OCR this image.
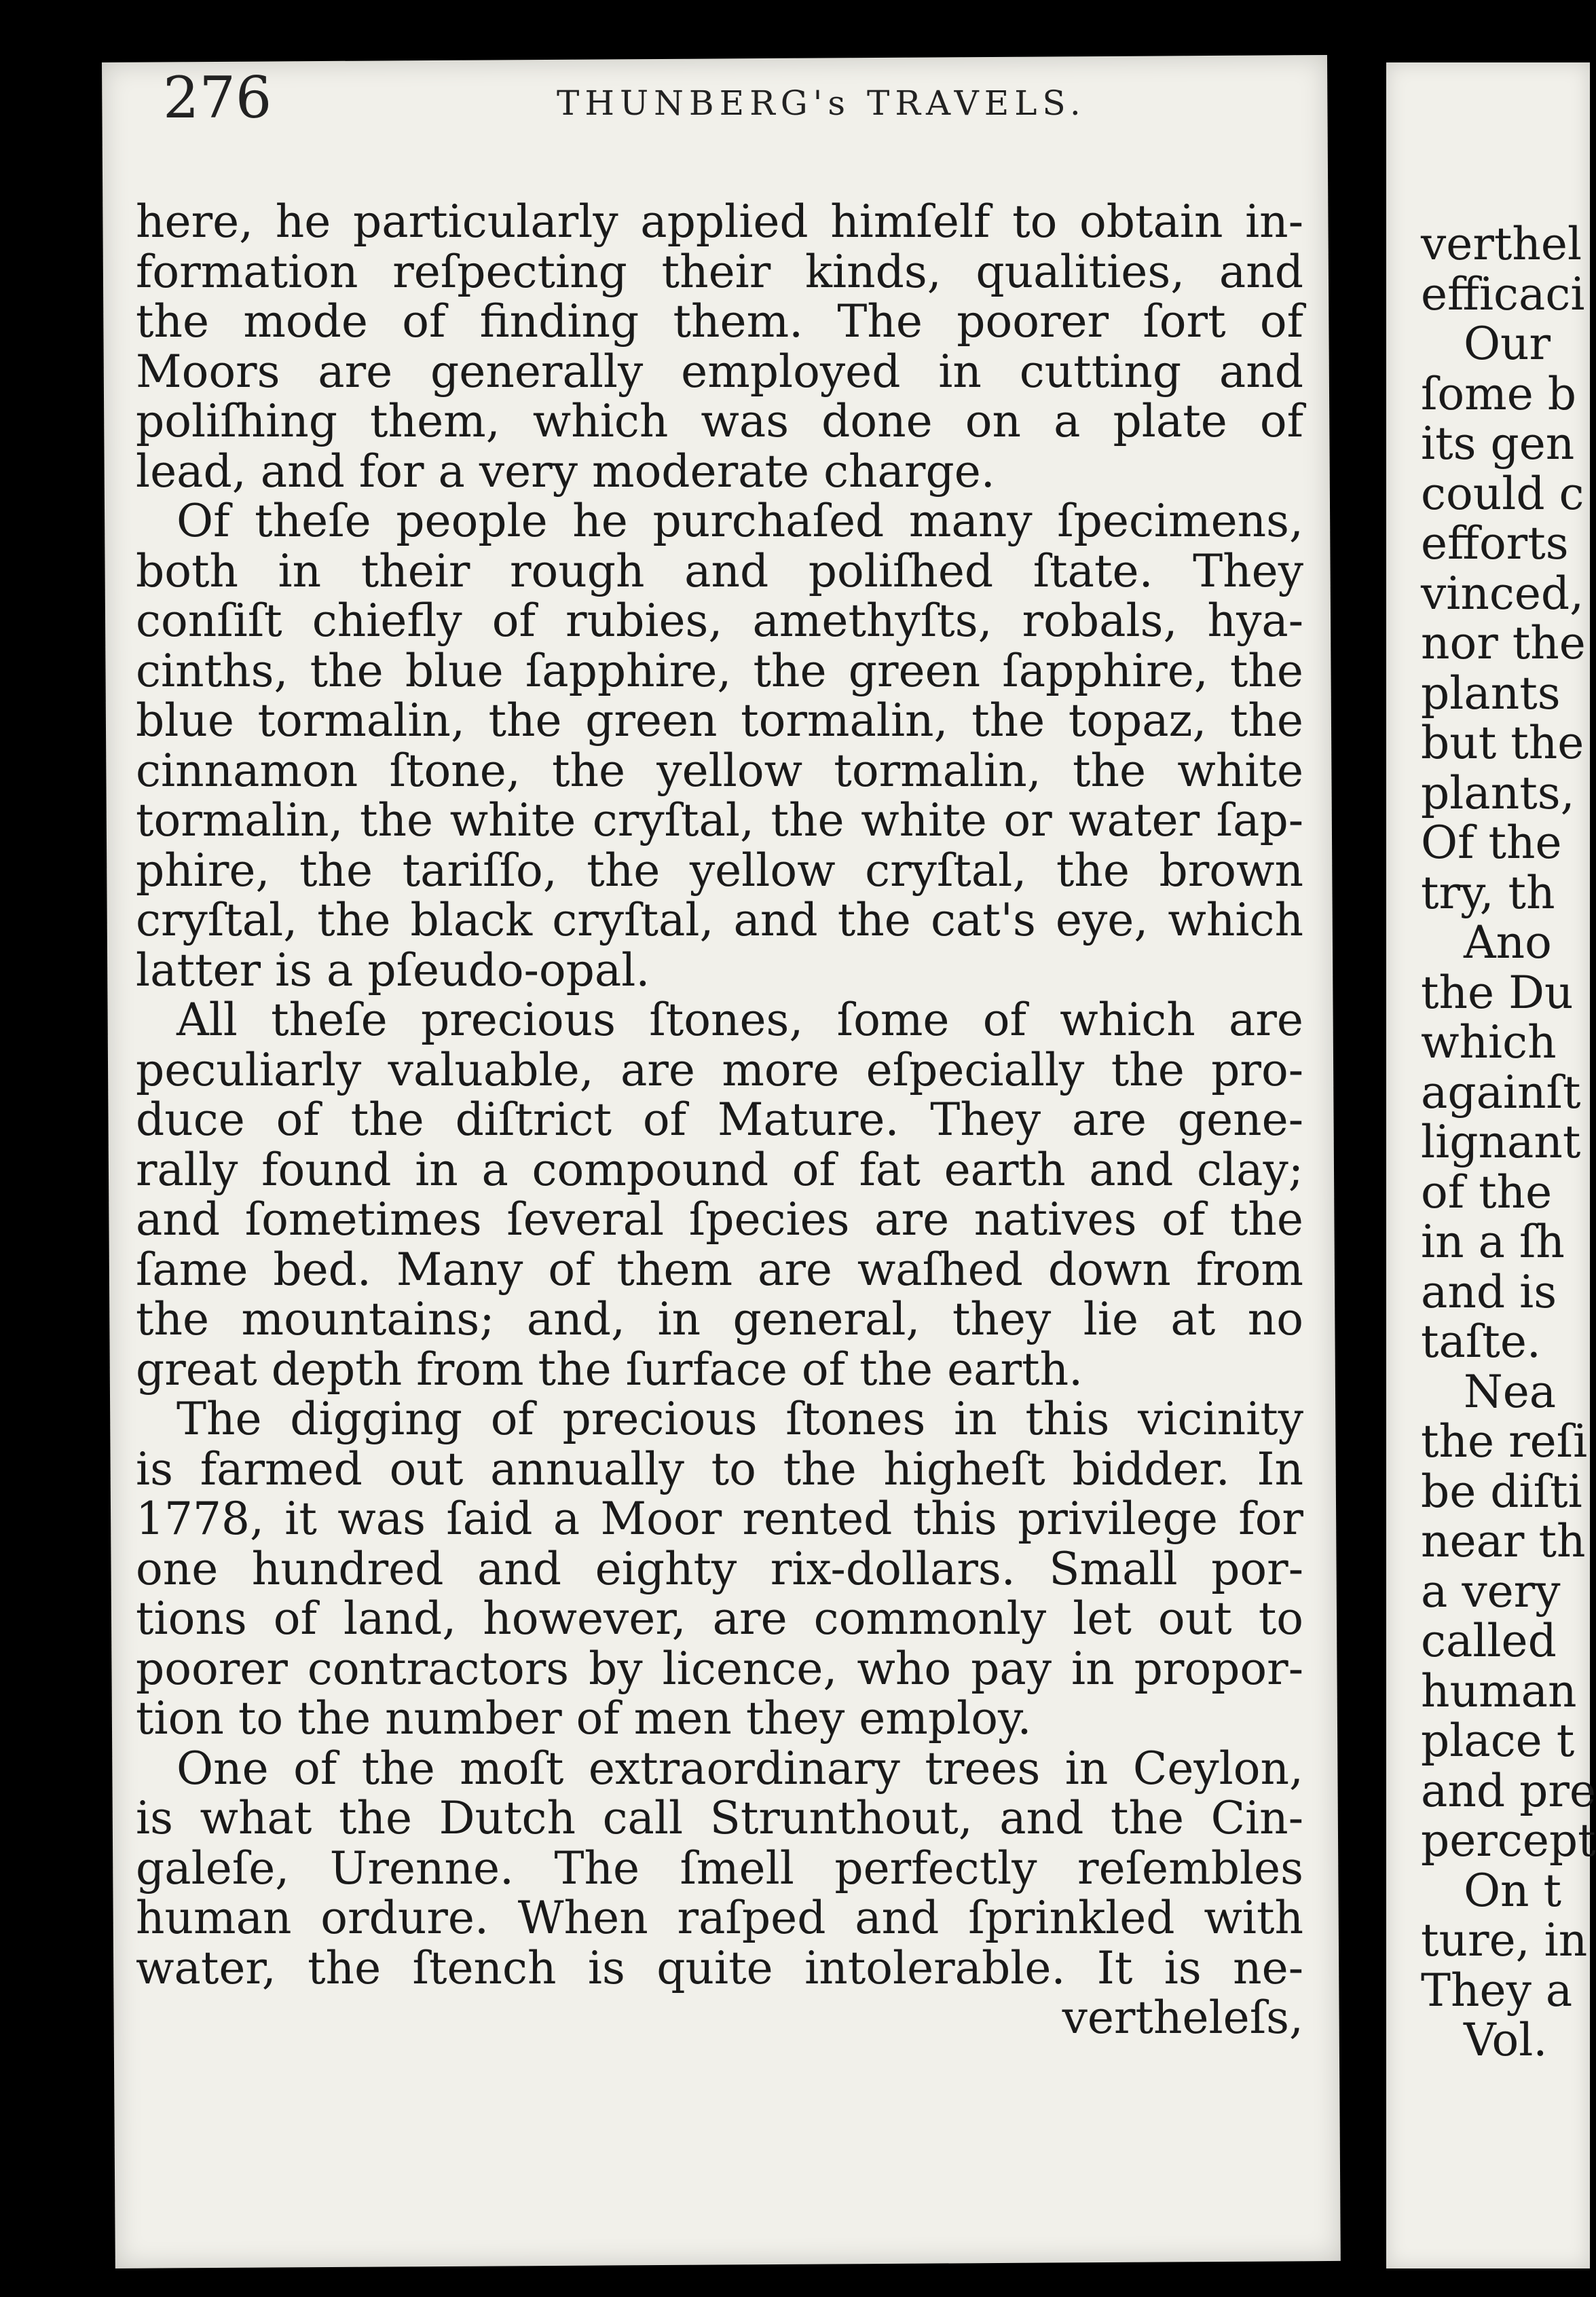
276	THUNBERG's TRAVELS.
here, he particularly applied himſelf to obtain in-
formation reſpecting their kinds, qualities, and
the mode of finding them. The poorer ſort of
Moors are generally employed in cutting and
poliſhing them, which was done on a plate of
lead, and for a very moderate charge.
Of theſe people he purchaſed many ſpecimens,
both in their rough and poliſhed ſtate. They
conſiſt chiefly of rubies, amethyſts, robals, hya-
cinths, the blue ſapphire, the green ſapphire, the
blue tormalin, the green tormalin, the topaz, the
cinnamon ſtone, the yellow tormalin, the white
tormalin, the white cryſtal, the white or water ſap-
phire, the tariſſo, the yellow cryſtal, the brown
cryſtal, the black cryſtal, and the cat's eye, which
latter is a pſeudo-opal.
All theſe precious ſtones, ſome of which are
peculiarly valuable, are more eſpecially the pro-
duce of the diſtrict of Mature. They are gene-
rally found in a compound of fat earth and clay;
and ſometimes ſeveral ſpecies are natives of the
ſame bed. Many of them are waſhed down from
the mountains; and, in general, they lie at no
great depth from the ſurface of the earth.
The digging of precious ſtones in this vicinity
is farmed out annually to the higheſt bidder. In
1778, it was ſaid a Moor rented this privilege for
one hundred and eighty rix-dollars. Small por-
tions of land, however, are commonly let out to
poorer contractors by licence, who pay in propor-
tion to the number of men they employ.
One of the moſt extraordinary trees in Ceylon,
is what the Dutch call Strunthout, and the Cin-
galeſe, Urenne. The ſmell perfectly reſembles
human ordure. When raſped and ſprinkled with
water, the ſtench is quite intolerable. It is ne-
vertheleſs,
verthel
efficaci
Our
ſome b
its gen
could c
efforts
vinced,
nor the
plants
but the
plants,
Of the
try, th
Ano
the Du
which
againſt
lignant
of the
in a ſh
and is
taſte.
Nea
the reſi
be diſti
near th
a very
called
human
place t
and pre
percept
On t
ture, in
They a
Vol.
